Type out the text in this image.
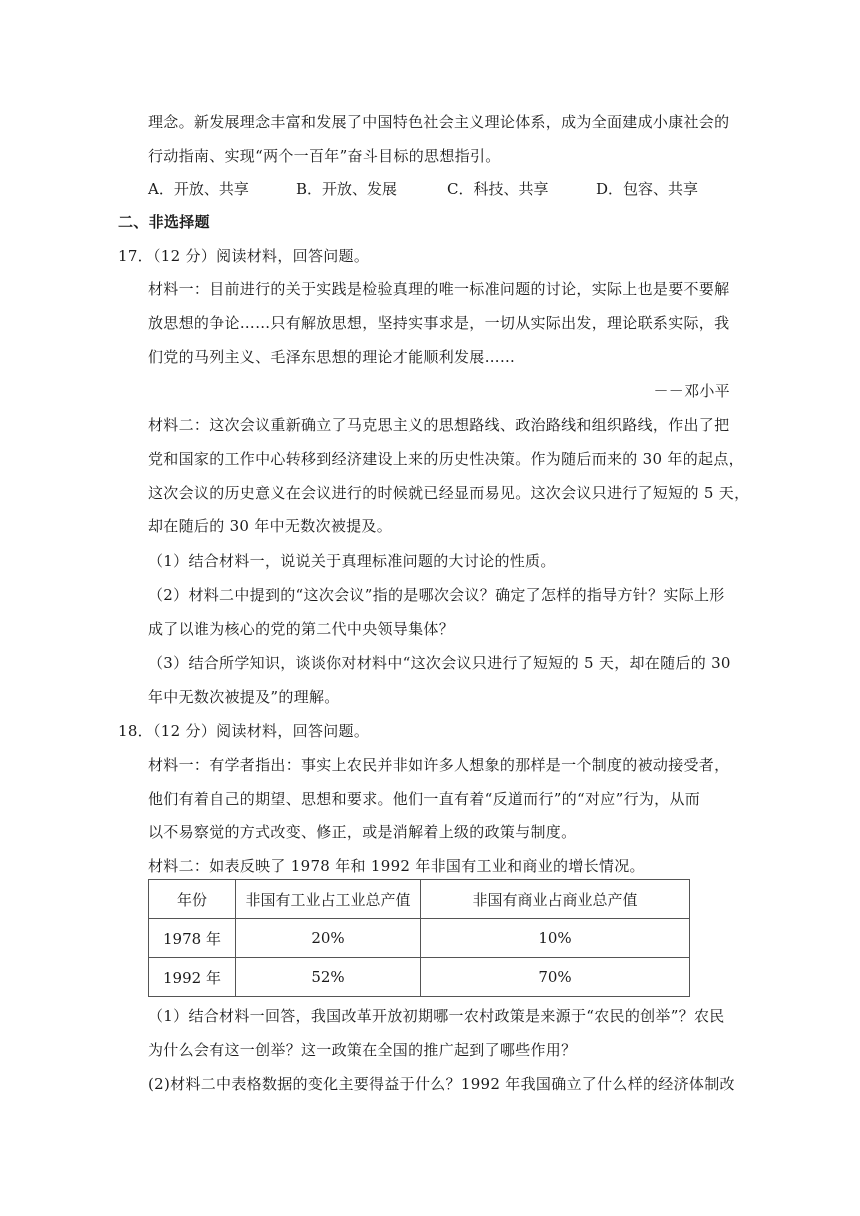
理念。新发展理念丰富和发展了中国特色社会主义理论体系，成为全面建成小康社会的
行动指南、实现“两个一百年”奋斗目标的思想指引。
A．开放、共享	B．开放、发展	C．科技、共享	D．包容、共享
二、非选择题
17．（12 分）阅读材料，回答问题。
材料一：目前进行的关于实践是检验真理的唯一标准问题的讨论，实际上也是要不要解
放思想的争论……只有解放思想，坚持实事求是，一切从实际出发，理论联系实际，我
们党的马列主义、毛泽东思想的理论才能顺利发展……
－－邓小平
材料二：这次会议重新确立了马克思主义的思想路线、政治路线和组织路线，作出了把
党和国家的工作中心转移到经济建设上来的历史性决策。作为随后而来的 30 年的起点，
这次会议的历史意义在会议进行的时候就已经显而易见。这次会议只进行了短短的 5 天，
却在随后的 30 年中无数次被提及。
（1）结合材料一，说说关于真理标准问题的大讨论的性质。
（2）材料二中提到的“这次会议”指的是哪次会议？确定了怎样的指导方针？实际上形
成了以谁为核心的党的第二代中央领导集体？
（3）结合所学知识，谈谈你对材料中“这次会议只进行了短短的 5 天，却在随后的 30
年中无数次被提及”的理解。
18．（12 分）阅读材料，回答问题。
材料一：有学者指出：事实上农民并非如许多人想象的那样是一个制度的被动接受者，
他们有着自己的期望、思想和要求。他们一直有着“反道而行”的“对应”行为，从而
以不易察觉的方式改变、修正，或是消解着上级的政策与制度。
材料二：如表反映了 1978 年和 1992 年非国有工业和商业的增长情况。
年份	非国有工业占工业总产值	非国有商业占商业总产值
1978 年	20%	10%
1992 年	52%	70%
（1）结合材料一回答，我国改革开放初期哪一农村政策是来源于“农民的创举”？农民
为什么会有这一创举？这一政策在全国的推广起到了哪些作用？
(2)材料二中表格数据的变化主要得益于什么？1992 年我国确立了什么样的经济体制改
